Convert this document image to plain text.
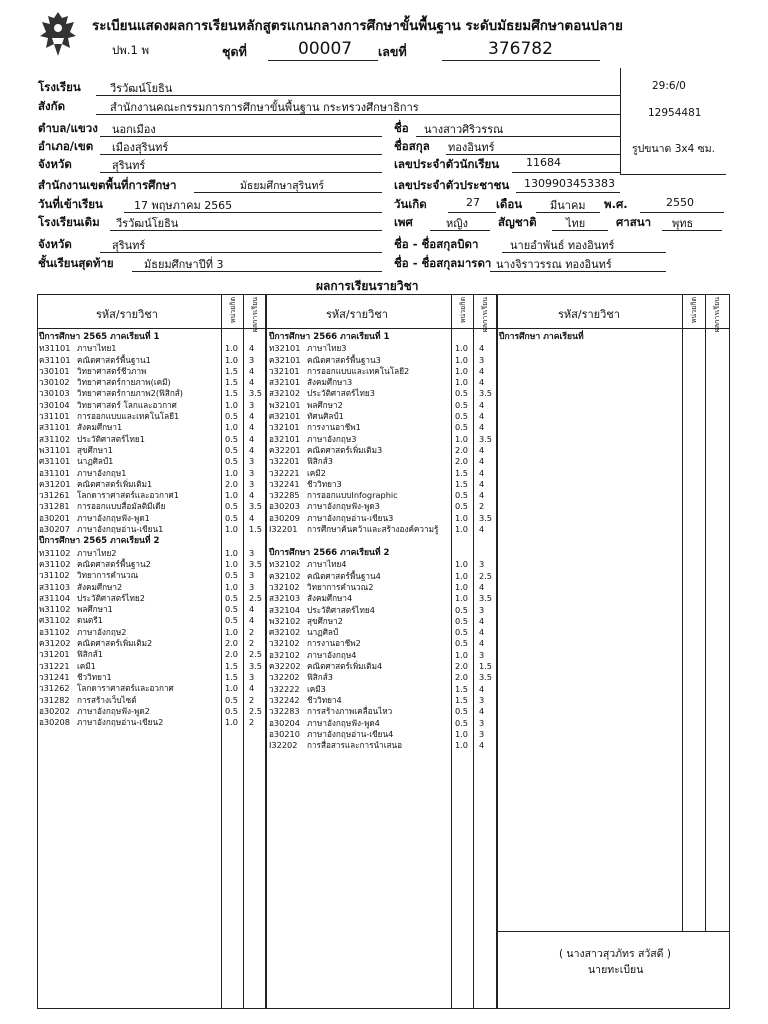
ระเบียนแสดงผลการเรียนหลักสูตรแกนกลางการศึกษาขั้นพื้นฐาน ระดับมัธยมศึกษาตอนปลาย
ปพ.1 พ	ชุดที่	00007 เลขที่	376782
29:6/0
12954481
รูปขนาด 3x4 ซม.
โรงเรียน	วีรวัฒน์โยธิน
สังกัด	สำนักงานคณะกรรมการการศึกษาขั้นพื้นฐาน กระทรวงศึกษาธิการ
ตำบล/แขวง นอกเมือง
อำเภอ/เขต เมืองสุรินทร์
จังหวัด	สุรินทร์
สำนักงานเขตพื้นที่การศึกษา	มัธยมศึกษาสุรินทร์
วันที่เข้าเรียน	17 พฤษภาคม 2565
โรงเรียนเดิม วีรวัฒน์โยธิน
จังหวัด	สุรินทร์
ชั้นเรียนสุดท้าย	มัธยมศึกษาปีที่ 3
ชื่อ นางสาวศิริวรรณ
ชื่อสกุล ทองอินทร์
เลขประจำตัวนักเรียน 11684
เลขประจำตัวประชาชน 1309903453383
วันเกิด	27 เดือน	มีนาคม พ.ศ.	2550
เพศ	หญิง	สัญชาติ	ไทย	ศาสนา พุทธ
ชื่อ - ชื่อสกุลบิดา	นายอำพันธ์ ทองอินทร์
ชื่อ - ชื่อสกุลมารดา นางจิราวรรณ ทองอินทร์
ผลการเรียนรายวิชา
รหัส/รายวิชา	หน่วยกิต ผลการเรียน	รหัส/รายวิชา	หน่วยกิต ผลการเรียน	รหัส/รายวิชา	หน่วยกิต ผลการเรียน
ปีการศึกษา 2565 ภาคเรียนที่ 1
ท31101 ภาษาไทย1	1.0 4
ค31101 คณิตศาสตร์พื้นฐาน1	1.0 3
ว30101 วิทยาศาสตร์ชีวภาพ	1.5 4
ว30102 วิทยาศาสตร์กายภาพ(เคมี)	1.5 4
ว30103 วิทยาศาสตร์กายภาพ2(ฟิสิกส์)	1.5 3.5
ว30104 วิทยาศาสตร์ โลกและอวกาศ	1.0 3
ว31101 การออกแบบและเทคโนโลยี1	0.5 4
ส31101 สังคมศึกษา1	1.0 4
ส31102 ประวัติศาสตร์ไทย1	0.5 4
พ31101 สุขศึกษา1	0.5 4
ศ31101 นาฏศิลป์1	0.5 3
อ31101 ภาษาอังกฤษ1	1.0 3
ค31201 คณิตศาสตร์เพิ่มเติม1	2.0 3
ว31261 โลกดาราศาสตร์และอวกาศ1	1.0 4
ว31281 การออกแบบสื่อมัลติมีเดีย	0.5 3.5
อ30201 ภาษาอังกฤษฟัง-พูด1	0.5 4
อ30207 ภาษาอังกฤษอ่าน-เขียน1	1.0 1.5
ปีการศึกษา 2565 ภาคเรียนที่ 2
ท31102 ภาษาไทย2	1.0 3
ค31102 คณิตศาสตร์พื้นฐาน2	1.0 3.5
ว31102 วิทยาการคำนวณ	0.5 3
ส31103 สังคมศึกษา2	1.0 3
ส31104 ประวัติศาสตร์ไทย2	0.5 2.5
พ31102 พลศึกษา1	0.5 4
ศ31102 ดนตรี1	0.5 4
อ31102 ภาษาอังกฤษ2	1.0 2
ค31202 คณิตศาสตร์เพิ่มเติม2	2.0 2
ว31201 ฟิสิกส์1	2.0 2.5
ว31221 เคมี1	1.5 3.5
ว31241 ชีววิทยา1	1.5 3
ว31262 โลกดาราศาสตร์และอวกาศ	1.0 4
ว31282 การสร้างเว็บไซต์	0.5 2
อ30202 ภาษาอังกฤษฟัง-พูด2	0.5 2.5
อ30208 ภาษาอังกฤษอ่าน-เขียน2	1.0 2
ปีการศึกษา 2566 ภาคเรียนที่ 1
ท32101 ภาษาไทย3	1.0 4
ค32101 คณิตศาสตร์พื้นฐาน3	1.0 3
ว32101 การออกแบบและเทคโนโลยี2	1.0 4
ส32101 สังคมศึกษา3	1.0 4
ส32102 ประวัติศาสตร์ไทย3	0.5 3.5
พ32101 พลศึกษา2	0.5 4
ศ32101 ทัศนศิลป์1	0.5 4
ว32101 การงานอาชีพ1	0.5 4
อ32101 ภาษาอังกฤษ3	1.0 3.5
ค32201 คณิตศาสตร์เพิ่มเติม3	2.0 4
ว32201 ฟิสิกส์3	2.0 4
ว32221 เคมี2	1.5 4
ว32241 ชีววิทยา3	1.5 4
ว32285 การออกแบบInfographic	0.5 4
อ30203 ภาษาอังกฤษฟัง-พูด3	0.5 2
อ30209 ภาษาอังกฤษอ่าน-เขียน3	1.0 3.5
I32201 การศึกษาค้นคว้าและสร้างองค์ความรู้	1.0 4
ปีการศึกษา 2566 ภาคเรียนที่ 2
ท32102 ภาษาไทย4	1.0 3
ค32102 คณิตศาสตร์พื้นฐาน4	1.0 2.5
ว32102 วิทยาการคำนวณ2	1.0 4
ส32103 สังคมศึกษา4	1.0 3.5
ส32104 ประวัติศาสตร์ไทย4	0.5 3
พ32102 สุขศึกษา2	0.5 4
ศ32102 นาฏศิลป์	0.5 4
ว32102 การงานอาชีพ2	0.5 4
อ32102 ภาษาอังกฤษ4	1.0 3
ค32202 คณิตศาสตร์เพิ่มเติม4	2.0 1.5
ว32202 ฟิสิกส์3	2.0 3.5
ว32222 เคมี3	1.5 4
ว32242 ชีววิทยา4	1.5 3
ว32283 การสร้างภาพเคลื่อนไหว	0.5 4
อ30204 ภาษาอังกฤษฟัง-พูด4	0.5 3
อ30210 ภาษาอังกฤษอ่าน-เขียน4	1.0 3
I32202 การสื่อสารและการนำเสนอ	1.0 4
ปีการศึกษา ภาคเรียนที่
( นางสาวสุวภัทร สวัสดี )
นายทะเบียน
